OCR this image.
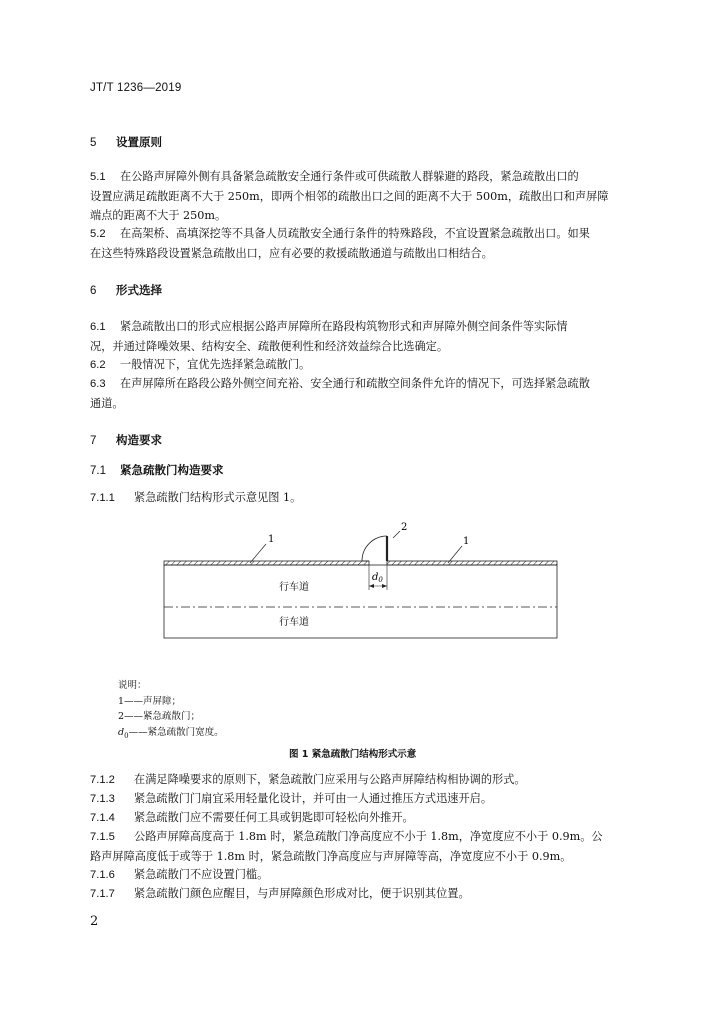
JT/T 1236—2019
5 设置原则
5.1 在公路声屏障外侧有具备紧急疏散安全通行条件或可供疏散人群躲避的路段，紧急疏散出口的
设置应满足疏散距离不大于 250m，即两个相邻的疏散出口之间的距离不大于 500m，疏散出口和声屏障
端点的距离不大于 250m。
5.2 在高架桥、高填深挖等不具备人员疏散安全通行条件的特殊路段，不宜设置紧急疏散出口。如果
在这些特殊路段设置紧急疏散出口，应有必要的救援疏散通道与疏散出口相结合。
6 形式选择
6.1 紧急疏散出口的形式应根据公路声屏障所在路段构筑物形式和声屏障外侧空间条件等实际情
况，并通过降噪效果、结构安全、疏散便利性和经济效益综合比选确定。
6.2 一般情况下，宜优先选择紧急疏散门。
6.3 在声屏障所在路段公路外侧空间充裕、安全通行和疏散空间条件允许的情况下，可选择紧急疏散
通道。
7 构造要求
7.1 紧急疏散门构造要求
7.1.1 紧急疏散门结构形式示意见图 1。
1
2
1
$d_0$
行车道
行车道
说明：
1——声屏障；
2——紧急疏散门；
$d_0——$紧急疏散门宽度。
图 1 紧急疏散门结构形式示意
7.1.2 在满足降噪要求的原则下，紧急疏散门应采用与公路声屏障结构相协调的形式。
7.1.3 紧急疏散门门扇宜采用轻量化设计，并可由一人通过推压方式迅速开启。
7.1.4 紧急疏散门应不需要任何工具或钥匙即可轻松向外推开。
7.1.5 公路声屏障高度高于 1.8m 时，紧急疏散门净高度应不小于 1.8m，净宽度应不小于 0.9m。公
路声屏障高度低于或等于 1.8m 时，紧急疏散门净高度应与声屏障等高，净宽度应不小于 0.9m。
7.1.6 紧急疏散门不应设置门槛。
7.1.7 紧急疏散门颜色应醒目，与声屏障颜色形成对比，便于识别其位置。
2
